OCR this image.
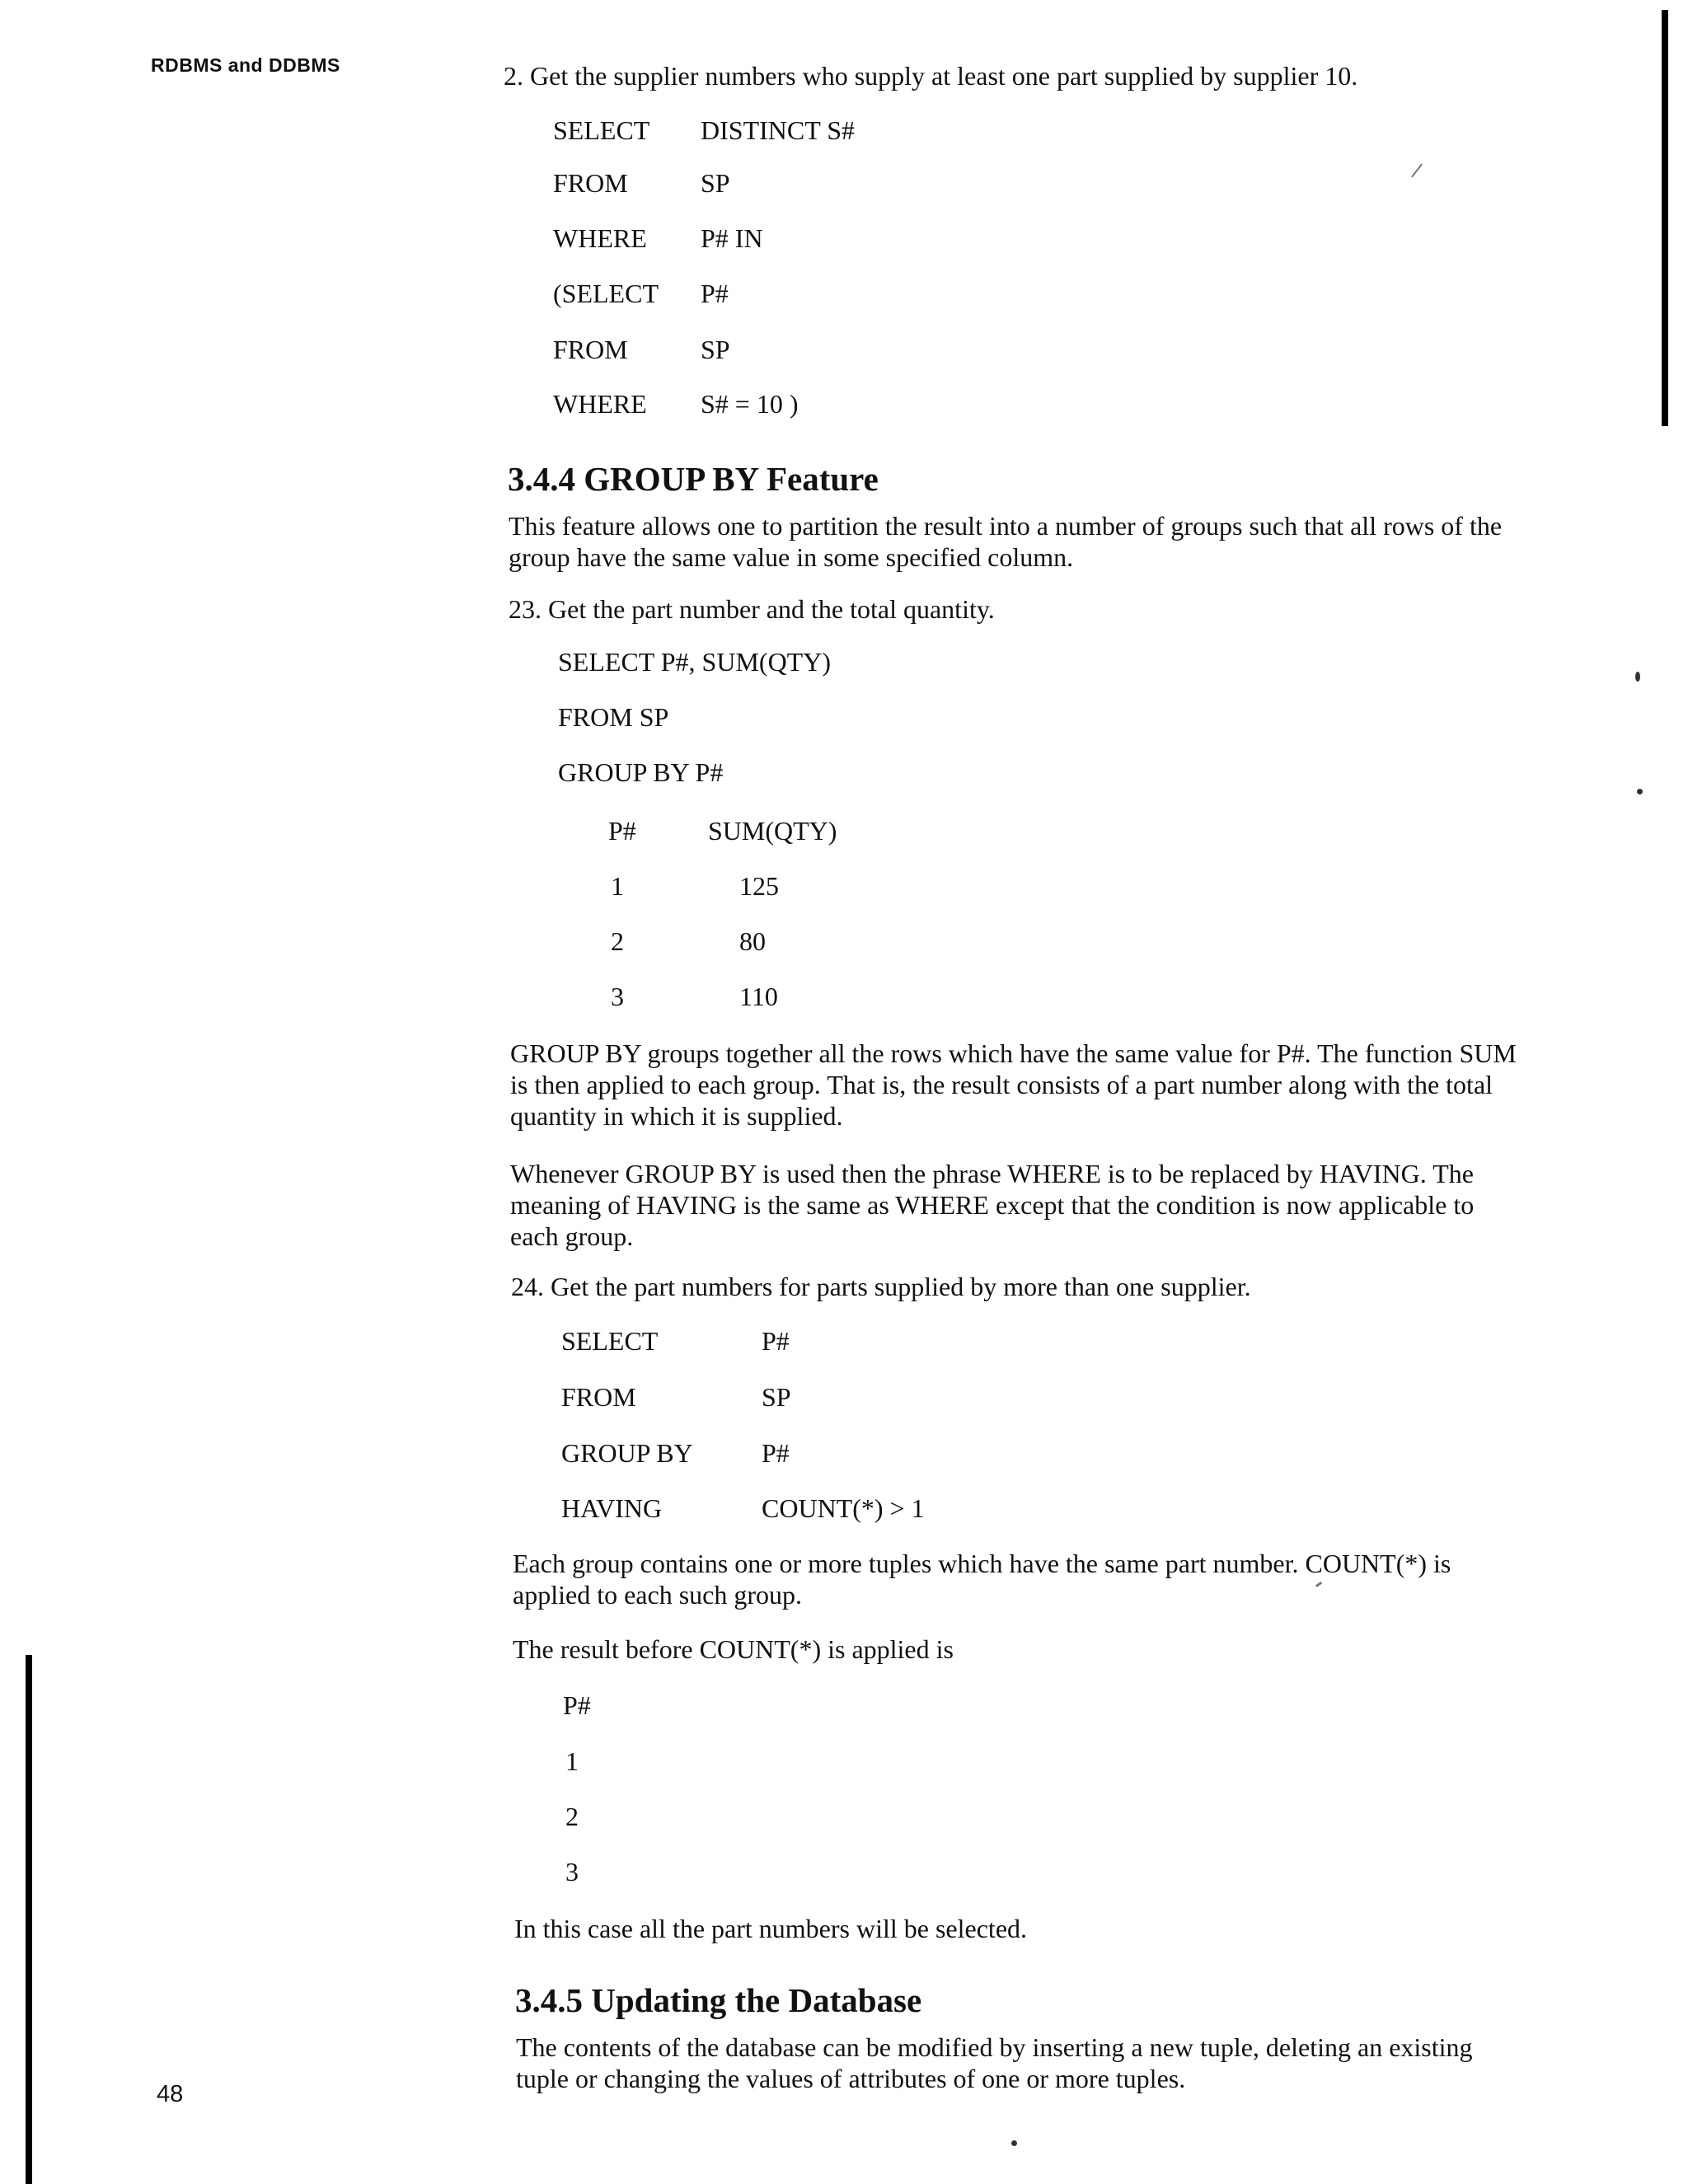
RDBMS and DDBMS
48
2. Get the supplier numbers who supply at least one part supplied by supplier 10.
SELECT DISTINCT S#
FROM	SP
WHERE P# IN
(SELECT P#
FROM	SP
WHERE S# = 10 )
3.4.4 GROUP BY Feature
This feature allows one to partition the result into a number of groups such that all rows of the group have the same value in some specified column.
23. Get the part number and the total quantity.
SELECT P#, SUM(QTY)
FROM SP
GROUP BY P#
P#	SUM(QTY)
1	125
2	80
3	110
GROUP BY groups together all the rows which have the same value for P#. The function SUM is then applied to each group. That is, the result consists of a part number along with the total quantity in which it is supplied.
Whenever GROUP BY is used then the phrase WHERE is to be replaced by HAVING. The meaning of HAVING is the same as WHERE except that the condition is now applicable to each group.
24. Get the part numbers for parts supplied by more than one supplier.
SELECT	P#
FROM	SP
GROUP BY	P#
HAVING	COUNT(*) > 1
Each group contains one or more tuples which have the same part number. COUNT(*) is applied to each such group.
The result before COUNT(*) is applied is
P#
1
2
3
In this case all the part numbers will be selected.
3.4.5 Updating the Database
The contents of the database can be modified by inserting a new tuple, deleting an existing tuple or changing the values of attributes of one or more tuples.
